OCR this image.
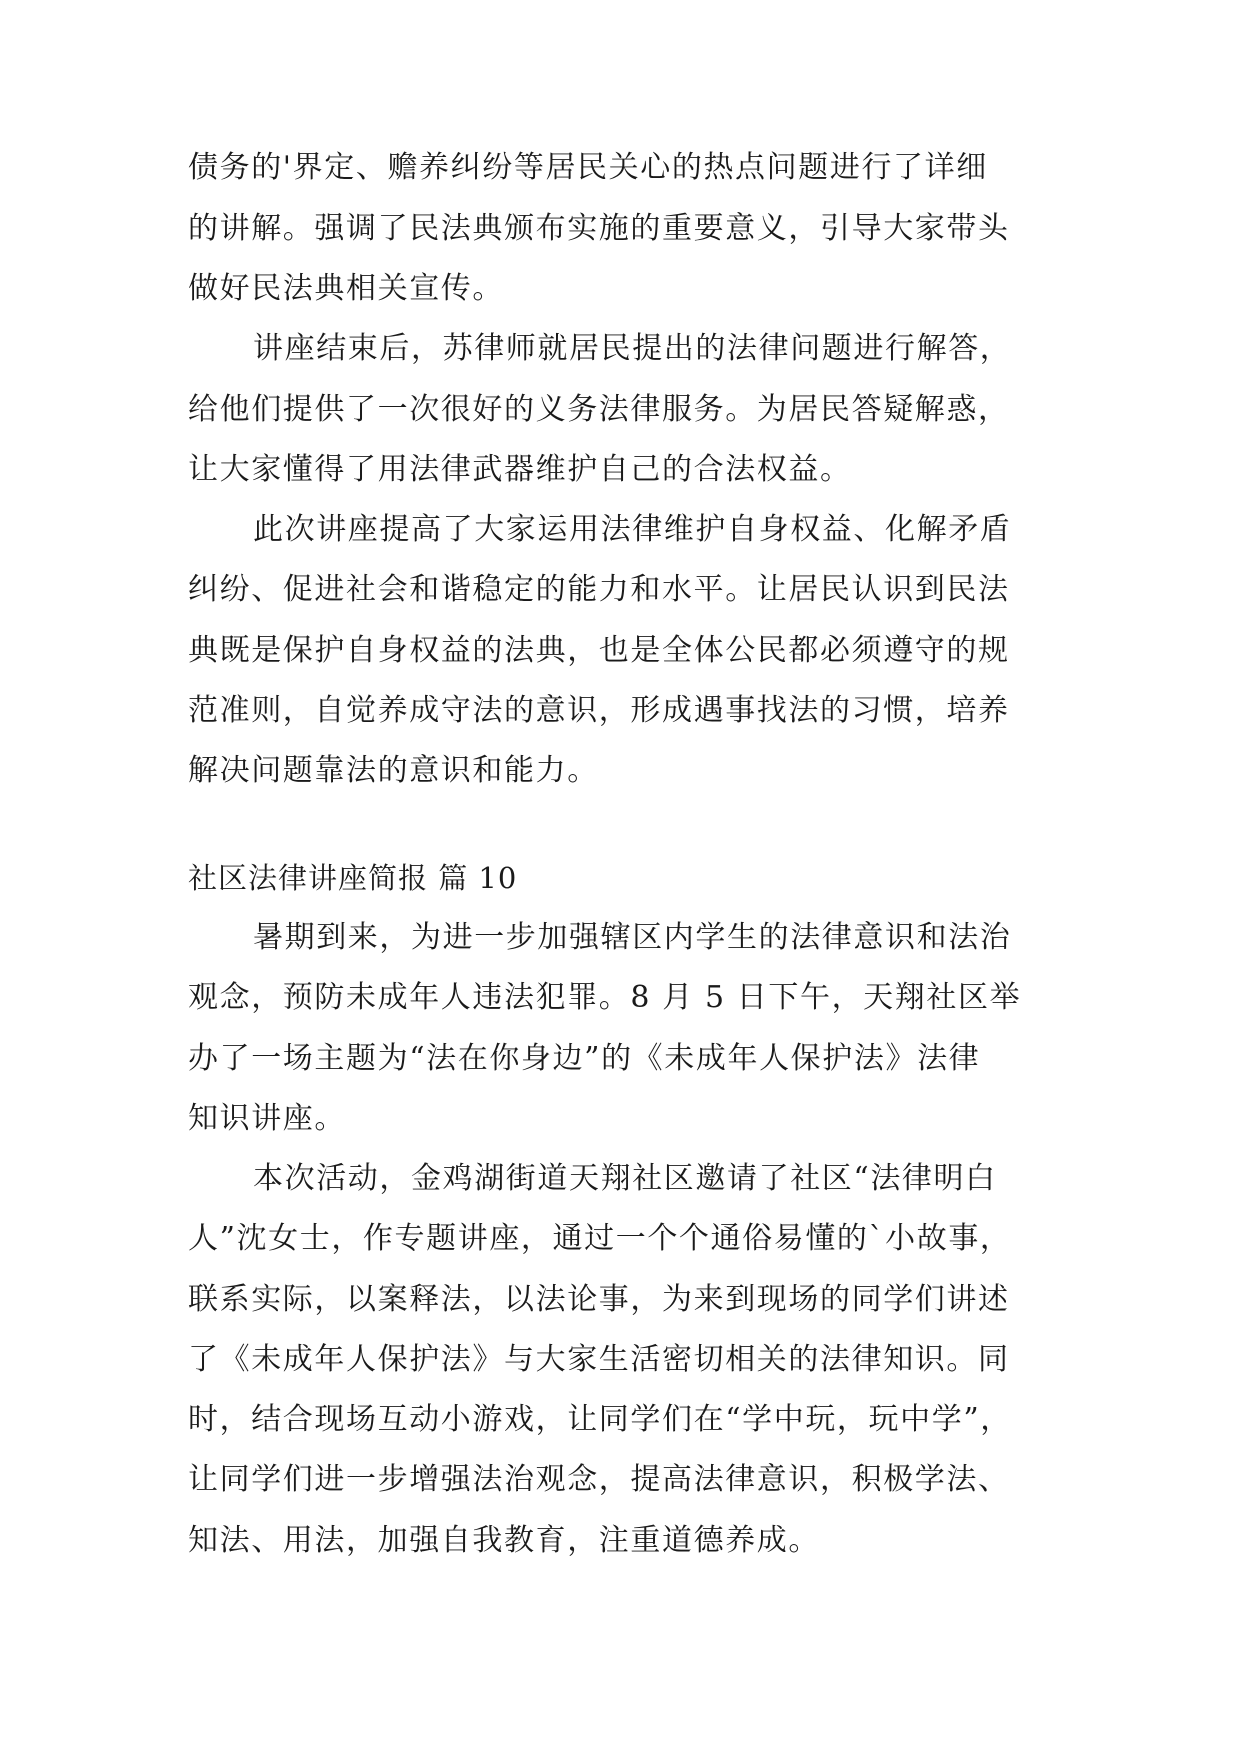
债务的'界定、赡养纠纷等居民关心的热点问题进行了详细

的讲解。强调了民法典颁布实施的重要意义，引导大家带头

做好民法典相关宣传。

讲座结束后，苏律师就居民提出的法律问题进行解答，

给他们提供了一次很好的义务法律服务。为居民答疑解惑，

让大家懂得了用法律武器维护自己的合法权益。

此次讲座提高了大家运用法律维护自身权益、化解矛盾

纠纷、促进社会和谐稳定的能力和水平。让居民认识到民法

典既是保护自身权益的法典，也是全体公民都必须遵守的规

范准则，自觉养成守法的意识，形成遇事找法的习惯，培养

解决问题靠法的意识和能力。

社区法律讲座简报 篇 10

暑期到来，为进一步加强辖区内学生的法律意识和法治

观念，预防未成年人违法犯罪。8 月 5 日下午，天翔社区举

办了一场主题为“法在你身边”的《未成年人保护法》法律

知识讲座。

本次活动，金鸡湖街道天翔社区邀请了社区“法律明白

人”沈女士，作专题讲座，通过一个个通俗易懂的`小故事，

联系实际，以案释法，以法论事，为来到现场的同学们讲述

了《未成年人保护法》与大家生活密切相关的法律知识。同

时，结合现场互动小游戏，让同学们在“学中玩，玩中学”，

让同学们进一步增强法治观念，提高法律意识，积极学法、

知法、用法，加强自我教育，注重道德养成。
